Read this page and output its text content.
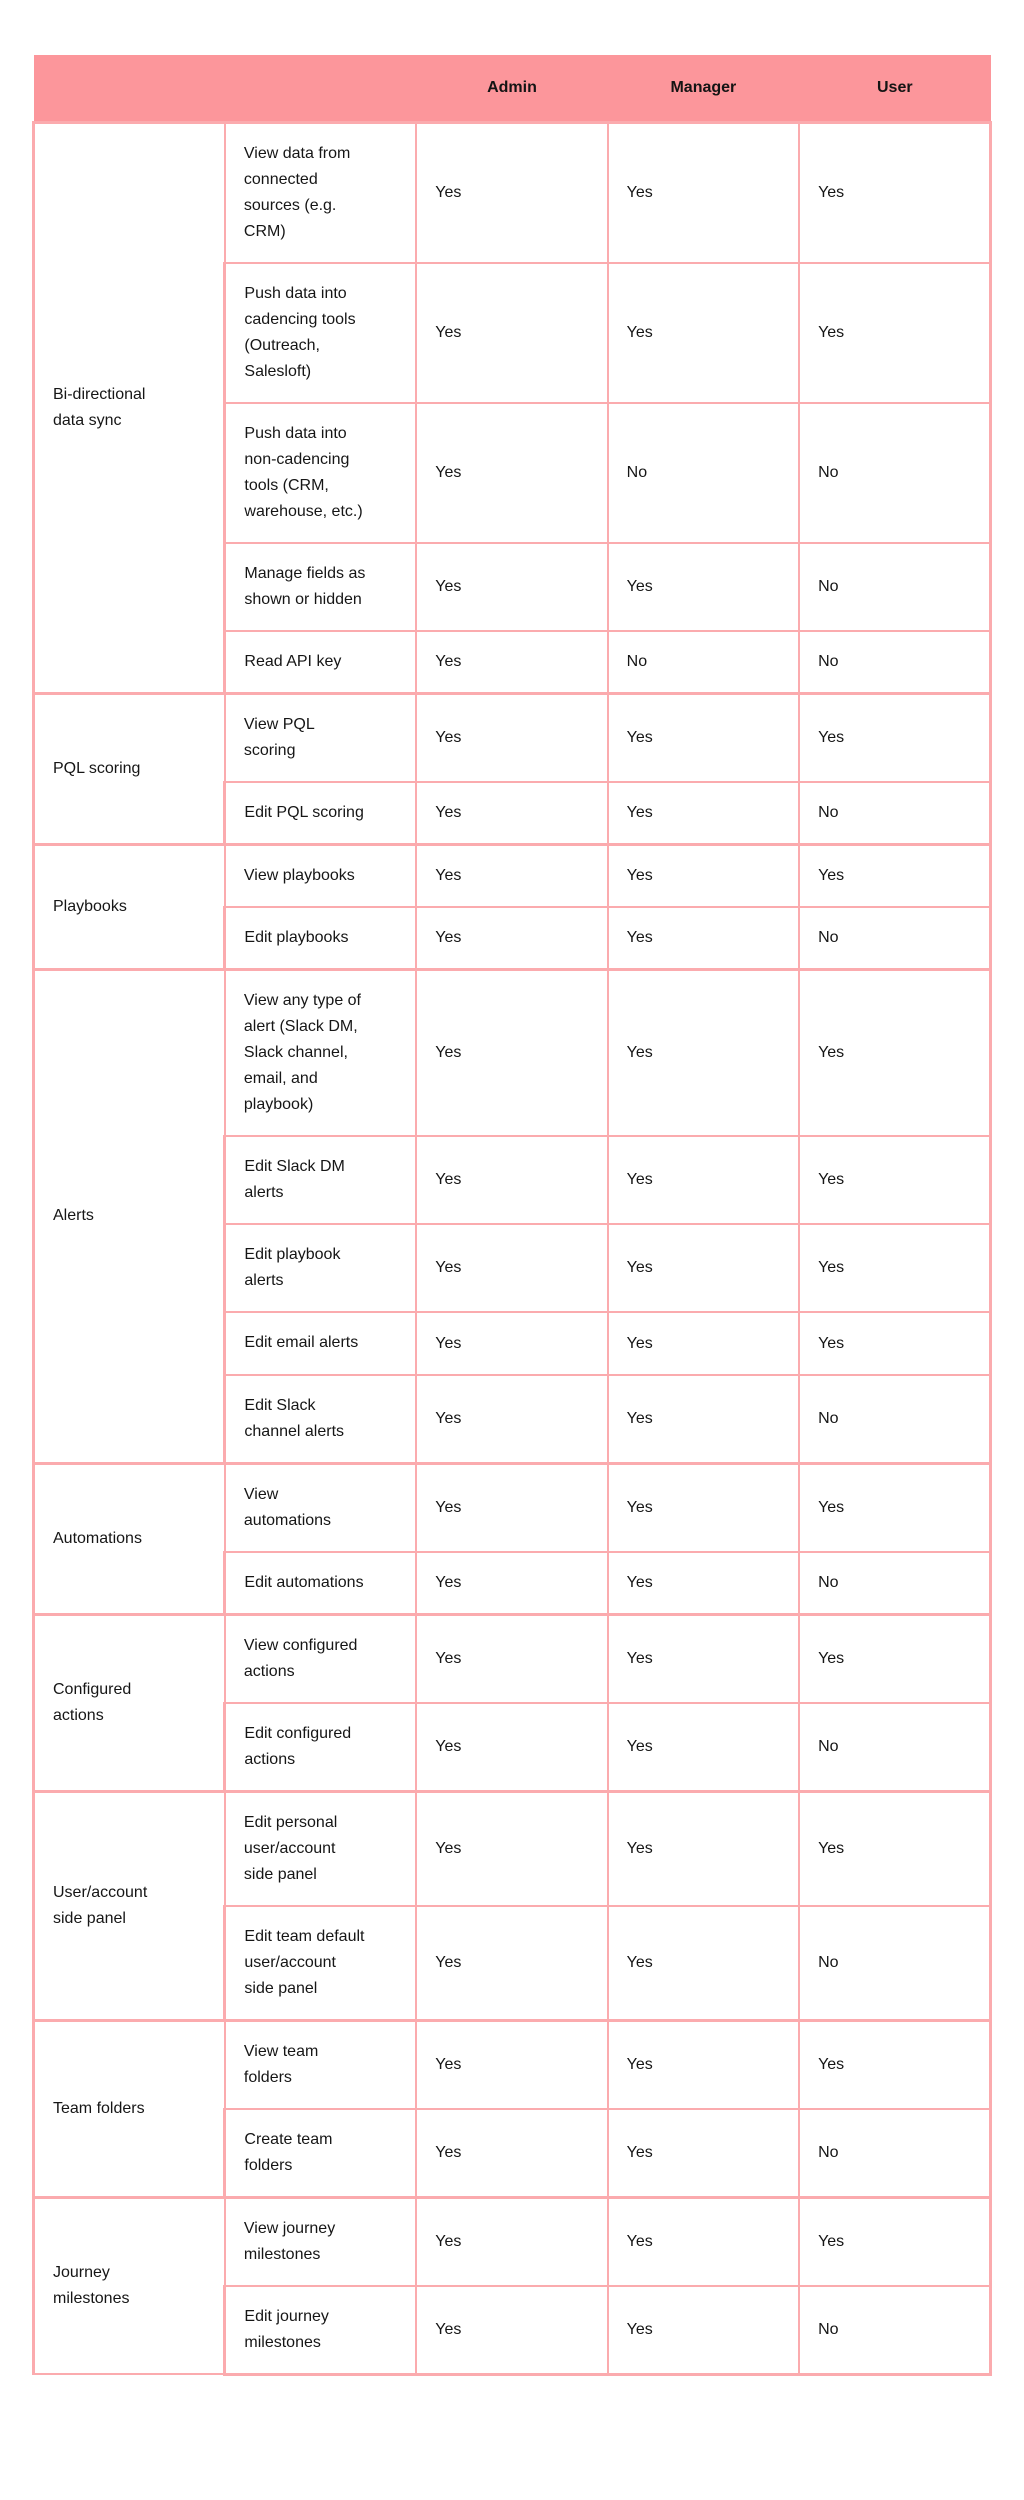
		Admin	Manager	User
Bi-directional data sync	View data from connected sources (e.g. CRM)	Yes	Yes	Yes
	Push data into cadencing tools (Outreach, Salesloft)	Yes	Yes	Yes
	Push data into non-cadencing tools (CRM, warehouse, etc.)	Yes	No	No
	Manage fields as shown or hidden	Yes	Yes	No
	Read API key	Yes	No	No
PQL scoring	View PQL scoring	Yes	Yes	Yes
	Edit PQL scoring	Yes	Yes	No
Playbooks	View playbooks	Yes	Yes	Yes
	Edit playbooks	Yes	Yes	No
Alerts	View any type of alert (Slack DM, Slack channel, email, and playbook)	Yes	Yes	Yes
	Edit Slack DM alerts	Yes	Yes	Yes
	Edit playbook alerts	Yes	Yes	Yes
	Edit email alerts	Yes	Yes	Yes
	Edit Slack channel alerts	Yes	Yes	No
Automations	View automations	Yes	Yes	Yes
	Edit automations	Yes	Yes	No
Configured actions	View configured actions	Yes	Yes	Yes
	Edit configured actions	Yes	Yes	No
User/account side panel	Edit personal user/account side panel	Yes	Yes	Yes
	Edit team default user/account side panel	Yes	Yes	No
Team folders	View team folders	Yes	Yes	Yes
	Create team folders	Yes	Yes	No
Journey milestones	View journey milestones	Yes	Yes	Yes
	Edit journey milestones	Yes	Yes	No
